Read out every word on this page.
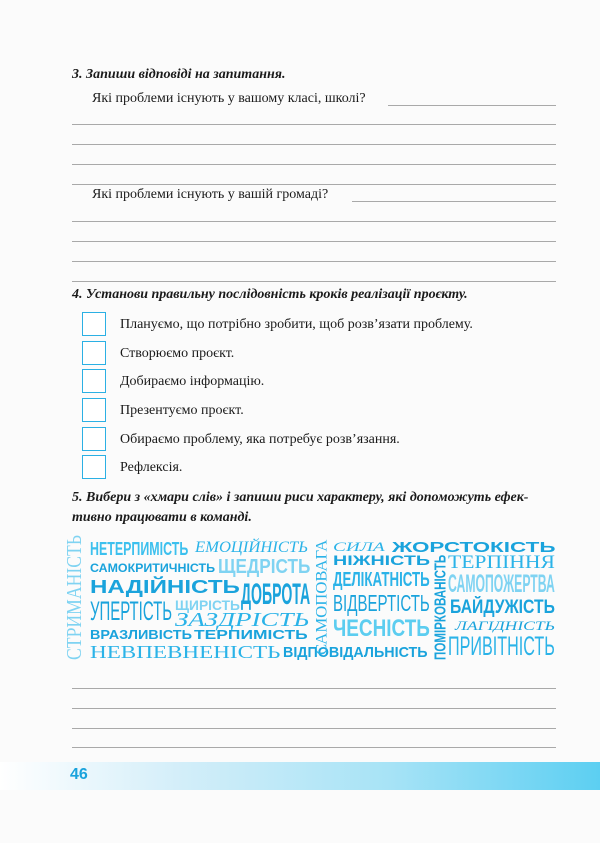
3. Запиши відповіді на запитання.
Які проблеми існують у вашому класі, школі?
Які проблеми існують у вашій громаді?
4. Установи правильну послідовність кроків реалізації проєкту.
Плануємо, що потрібно зробити, щоб розв’язати проблему.
Створюємо проєкт.
Добираємо інформацію.
Презентуємо проєкт.
Обираємо проблему, яка потребує розв’язання.
Рефлексія.
5. Вибери з «хмари слів» і запиши риси характеру, які допоможуть ефек-
тивно працювати в команді.
СТРИМАНІСТЬ НЕТЕРПИМІСТЬ ЕМОЦІЙНІСТЬ
САМОКРИТИЧНІСТЬ ЩЕДРІСТЬ
НАДІЙНІСТЬ ДОБРОТА
УПЕРТІСТЬ ЩИРІСТЬ
ЗАЗДРІСТЬ
ВРАЗЛИВІСТЬ ТЕРПИМІСТЬ
НЕВПЕВНЕНІСТЬ ВІДПОВІДАЛЬНІСТЬ
САМОПОВАГА СИЛА ЖОРСТОКІСТЬ
НІЖНІСТЬ
ДЕЛІКАТНІСТЬ
ВІДВЕРТІСТЬ
ЧЕСНІСТЬ ПОМІРКОВАНІСТЬ
ТЕРПІННЯ
САМОПОЖЕРТВА
БАЙДУЖІСТЬ
ЛАГІДНІСТЬ
ПРИВІТНІСТЬ
46
